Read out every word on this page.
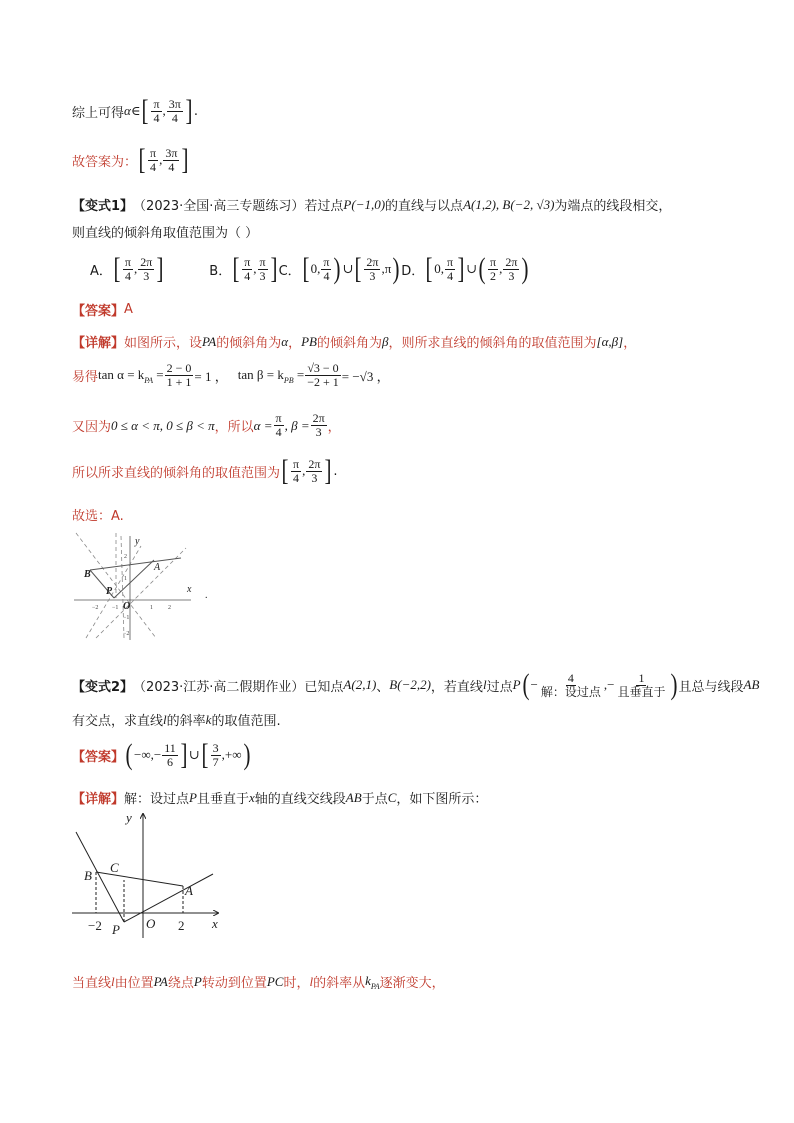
综上可得 α ∈ [ $\frac{\pi}{4}$ , $\frac{3\pi}{4}$ ] .
故答案为： [ $\frac{\pi}{4}$ , $\frac{3\pi}{4}$ ]
【变式1】 （2023·全国·高三专题练习） 若过点 P(−1,0) 的直线与以点 A(1,2), B(−2, √3) 为端点的线段相交，
则直线的倾斜角取值范围为（ ）
A． [ $\frac{\pi}{4}$ , $\frac{2\pi}{3}$ ]	B． [ $\frac{\pi}{4}$ , $\frac{\pi}{3}$ ] C． [ 0, $\frac{\pi}{4}$ ) ∪ [ $\frac{2\pi}{3} ,\pi$ ) D． [ 0, $\frac{\pi}{4}$ ] ∪ ( $\frac{\pi}{2}$ , $\frac{2\pi}{3}$ )
【答案】 A
【详解】 如图所示，设 PA 的倾斜角为 α ， PB 的倾斜角为 β ，则所求直线的倾斜角的取值范围为 [α,β] ，
易得 $\tan \alpha = k_{PA} = \frac{2 - 0}{1 + 1} = 1$ ， $\tan \beta = k_{PB} = \frac{√3 - 0}{-2 + 1} = -√3$ ，
又因为 0 ≤ α < π, 0 ≤ β < π ，所以 $\alpha = \frac{\pi}{4}$ , $\beta = \frac{2\pi}{3}$ ，
所以所求直线的倾斜角的取值范围为 [ $\frac{\pi}{4}$ , $\frac{2\pi}{3}$ ] .
故选：A.
y
x
A
B
P
O
.
2
1
−2 −1	1	2
−1
−2
【变式2】 （2023·江苏·高二假期作业） 已知点 A(2,1) 、 B(−2,2) ，若直线 l 过点 P ( − $\frac{4}{\text{解：设过点}}$ ,− $\frac{1}{\text{且垂直于}}$ ) 且总与线段 AB
有交点，求直线 l 的斜率 k 的取值范围.
【答案】 ( −∞,− $\frac{11}{6}$ ] ∪ [ $\frac{3}{7}$ ,+∞ )
【详解】 解：设过点 P 且垂直于 x 轴的直线交线段 AB 于点 C ，如下图所示：
y
x
A
B
C
P O
−2	2
当直线 l 由位置 PA 绕点 P 转动到位置 PC 时， l 的斜率从 $k_{PA}$ 逐渐变大，
